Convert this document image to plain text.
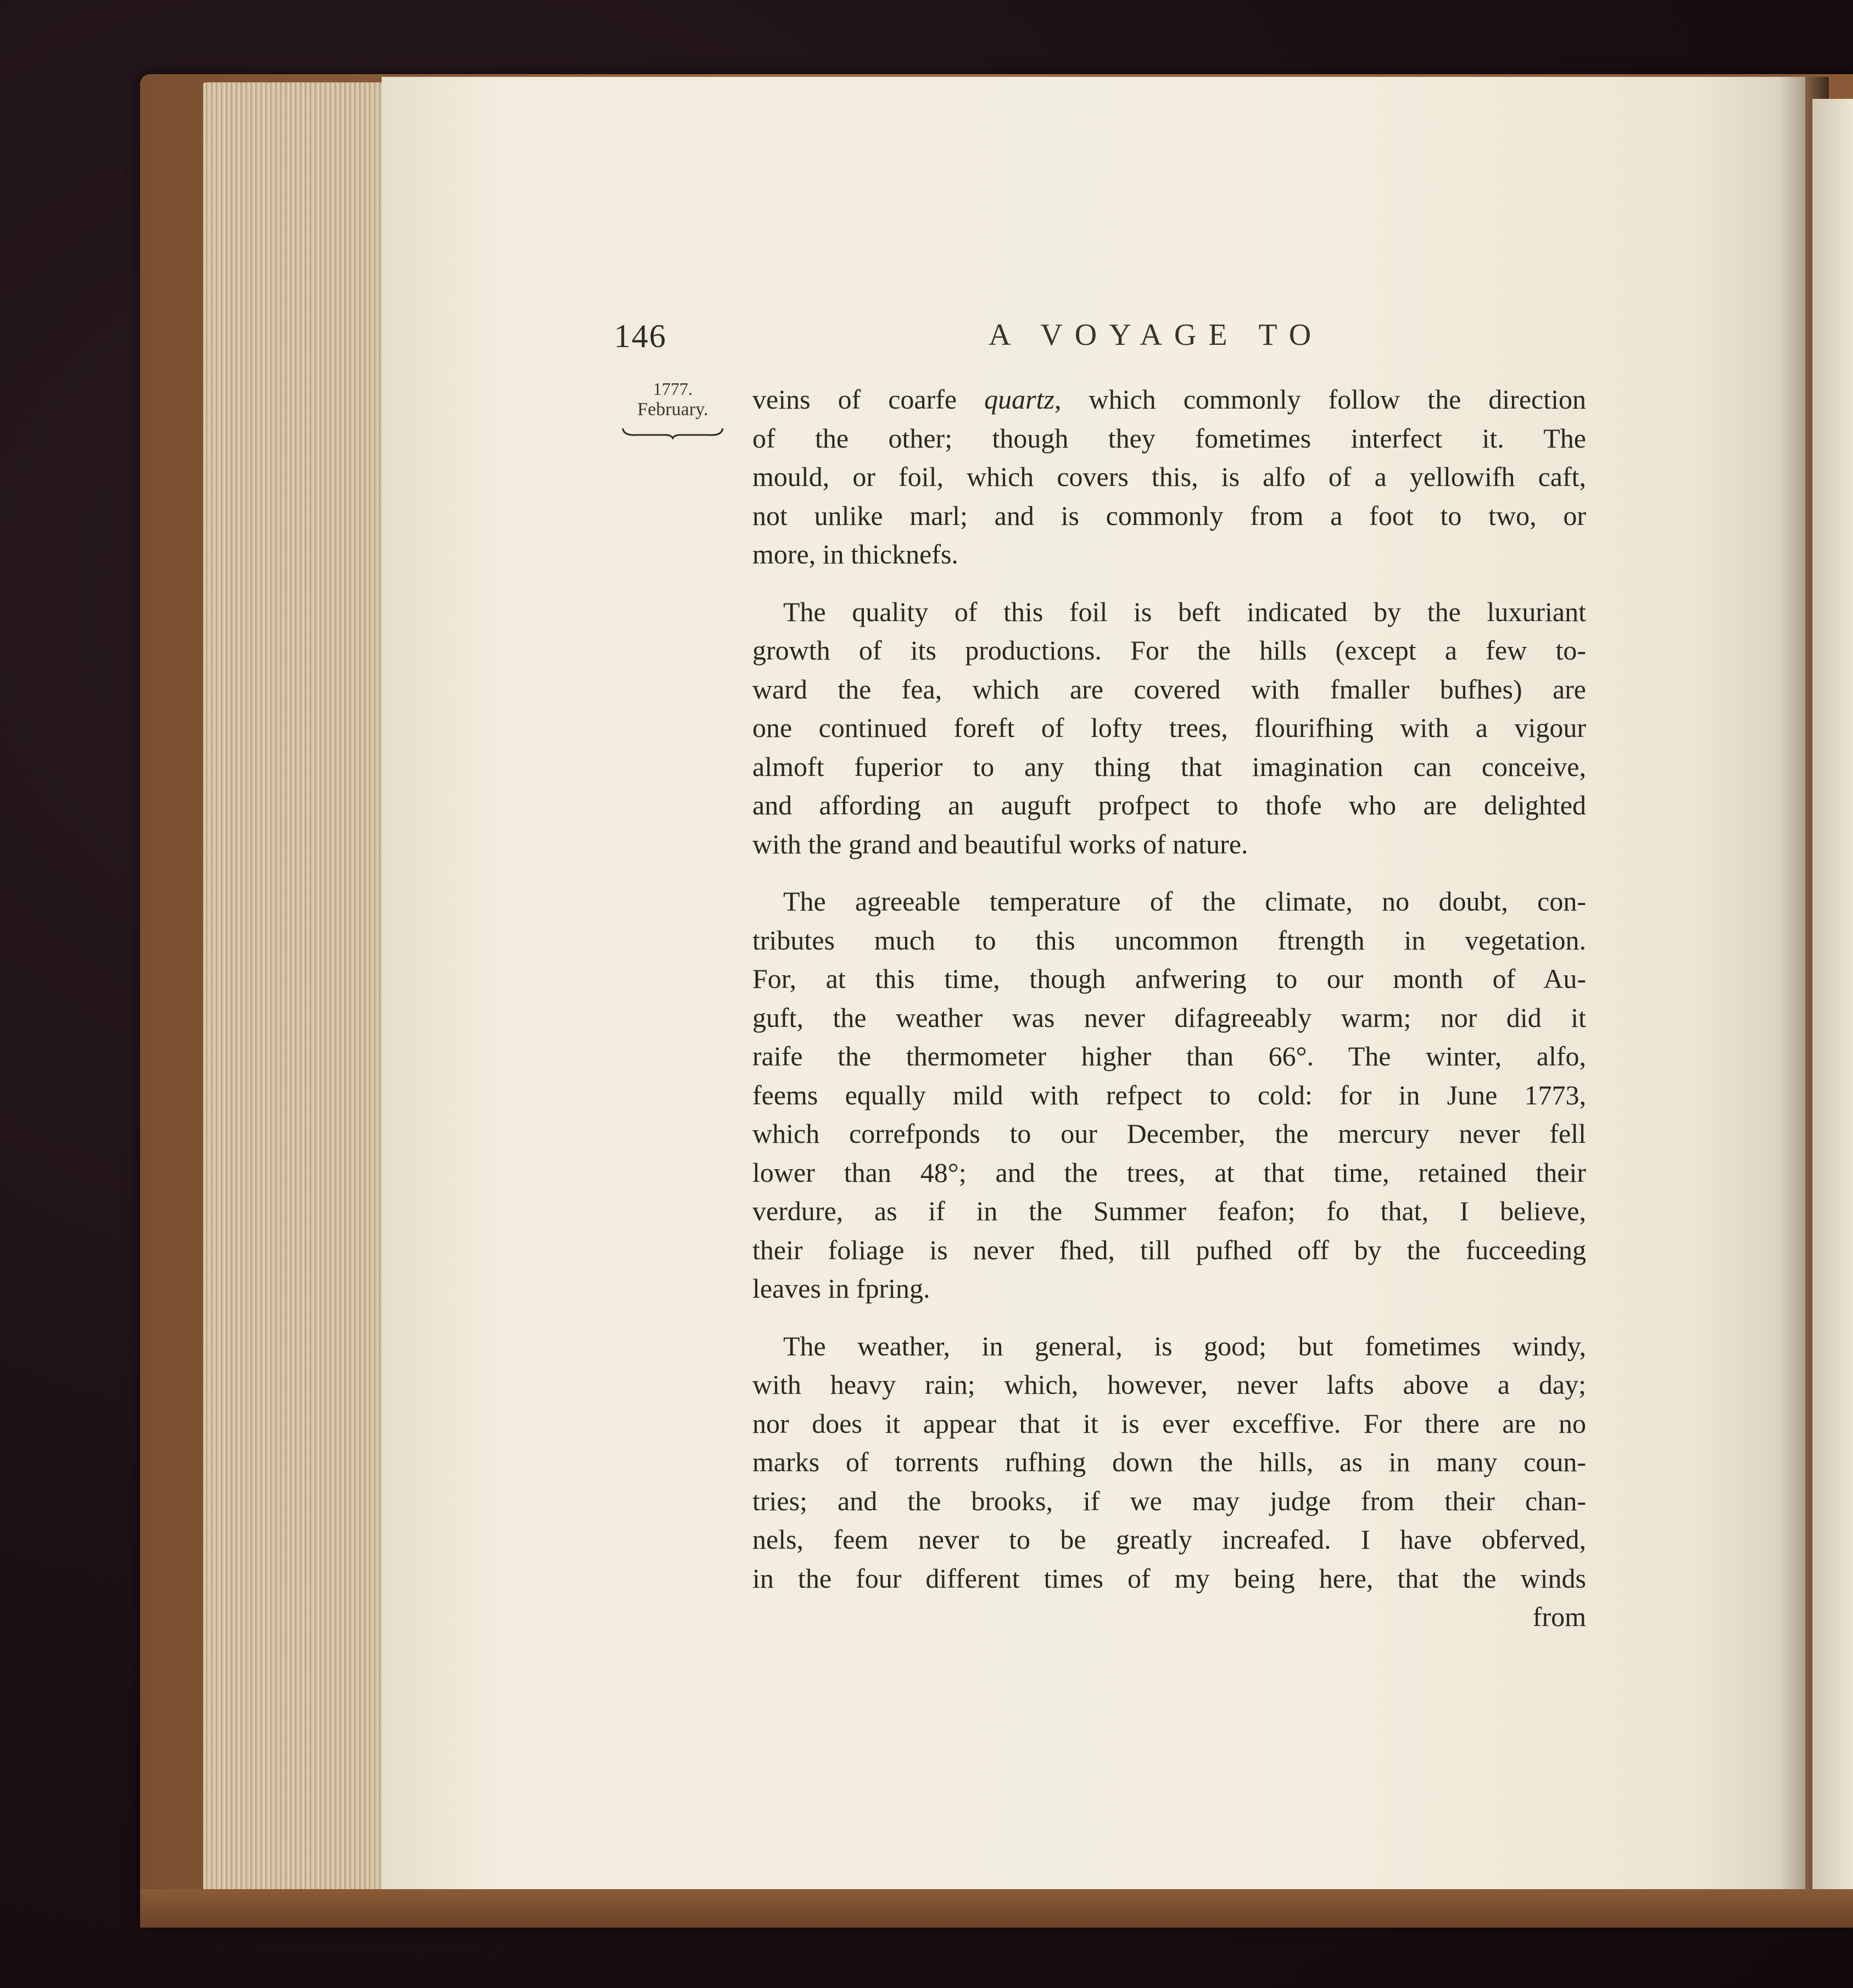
146	A VOYAGE TO
1777.
February.	veins of coarfe quartz, which commonly follow the direction
of the other; though they fometimes interfect it. The
mould, or foil, which covers this, is alfo of a yellowifh caft,
not unlike marl; and is commonly from a foot to two, or
more, in thicknefs.
The quality of this foil is beft indicated by the luxuriant
growth of its productions. For the hills (except a few to-
ward the fea, which are covered with fmaller bufhes) are
one continued foreft of lofty trees, flourifhing with a vigour
almoft fuperior to any thing that imagination can conceive,
and affording an auguft profpect to thofe who are delighted
with the grand and beautiful works of nature.
The agreeable temperature of the climate, no doubt, con-
tributes much to this uncommon ftrength in vegetation.
For, at this time, though anfwering to our month of Au-
guft, the weather was never difagreeably warm; nor did it
raife the thermometer higher than 66°. The winter, alfo,
feems equally mild with refpect to cold: for in June 1773,
which correfponds to our December, the mercury never fell
lower than 48°; and the trees, at that time, retained their
verdure, as if in the Summer feafon; fo that, I believe,
their foliage is never fhed, till pufhed off by the fucceeding
leaves in fpring.
The weather, in general, is good; but fometimes windy,
with heavy rain; which, however, never lafts above a day;
nor does it appear that it is ever exceffive. For there are no
marks of torrents rufhing down the hills, as in many coun-
tries; and the brooks, if we may judge from their chan-
nels, feem never to be greatly increafed. I have obferved,
in the four different times of my being here, that the winds
from
